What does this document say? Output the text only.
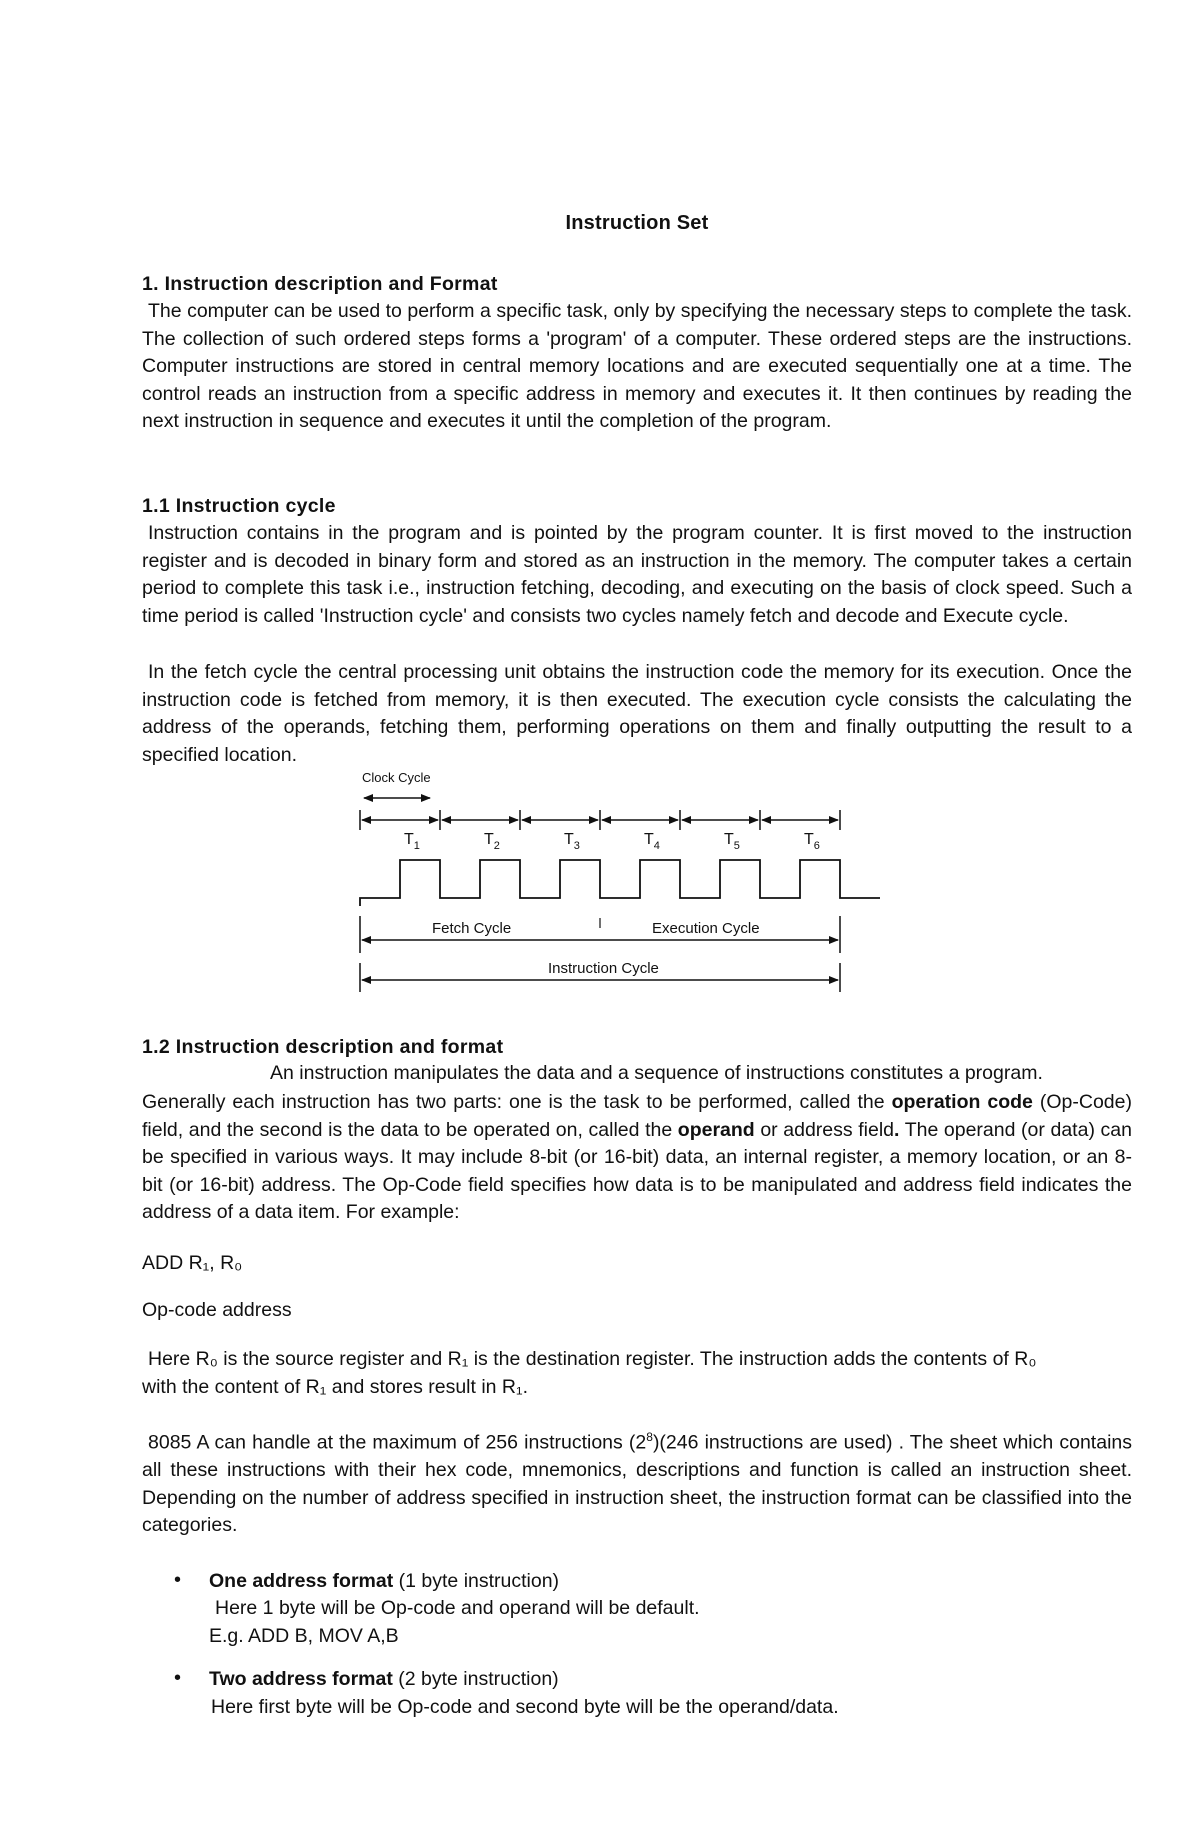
Instruction Set
1. Instruction description and Format
The computer can be used to perform a specific task, only by specifying the necessary steps to complete the task. The collection of such ordered steps forms a 'program' of a computer. These ordered steps are the instructions. Computer instructions are stored in central memory locations and are executed sequentially one at a time. The control reads an instruction from a specific address in memory and executes it. It then continues by reading the next instruction in sequence and executes it until the completion of the program.
1.1 Instruction cycle
Instruction contains in the program and is pointed by the program counter. It is first moved to the instruction register and is decoded in binary form and stored as an instruction in the memory. The computer takes a certain period to complete this task i.e., instruction fetching, decoding, and executing on the basis of clock speed. Such a time period is called 'Instruction cycle' and consists two cycles namely fetch and decode and Execute cycle.
In the fetch cycle the central processing unit obtains the instruction code the memory for its execution. Once the instruction code is fetched from memory, it is then executed. The execution cycle consists the calculating the address of the operands, fetching them, performing operations on them and finally outputting the result to a specified location.
Clock Cycle
$T_1$	$T_2$	$T_3$	$T_4$	$T_5$	$T_6$
Fetch Cycle	Execution Cycle
Instruction Cycle
1.2 Instruction description and format
An instruction manipulates the data and a sequence of instructions constitutes a program.
Generally each instruction has two parts: one is the task to be performed, called the operation code (Op-Code) field, and the second is the data to be operated on, called the operand or address field. The operand (or data) can be specified in various ways. It may include 8-bit (or 16-bit) data, an internal register, a memory location, or an 8-bit (or 16-bit) address. The Op-Code field specifies how data is to be manipulated and address field indicates the address of a data item. For example:
ADD R₁, R₀
Op-code address
Here R₀ is the source register and R₁ is the destination register. The instruction adds the contents of R₀
with the content of R₁ and stores result in R₁.
8085 A can handle at the maximum of 256 instructions $(2^8)(246$ instructions are used) . The sheet which contains all these instructions with their hex code, mnemonics, descriptions and function is called an instruction sheet. Depending on the number of address specified in instruction sheet, the instruction format can be classified into the categories.
• One address format (1 byte instruction)
Here 1 byte will be Op-code and operand will be default.
E.g. ADD B, MOV A,B
• Two address format (2 byte instruction)
Here first byte will be Op-code and second byte will be the operand/data.
